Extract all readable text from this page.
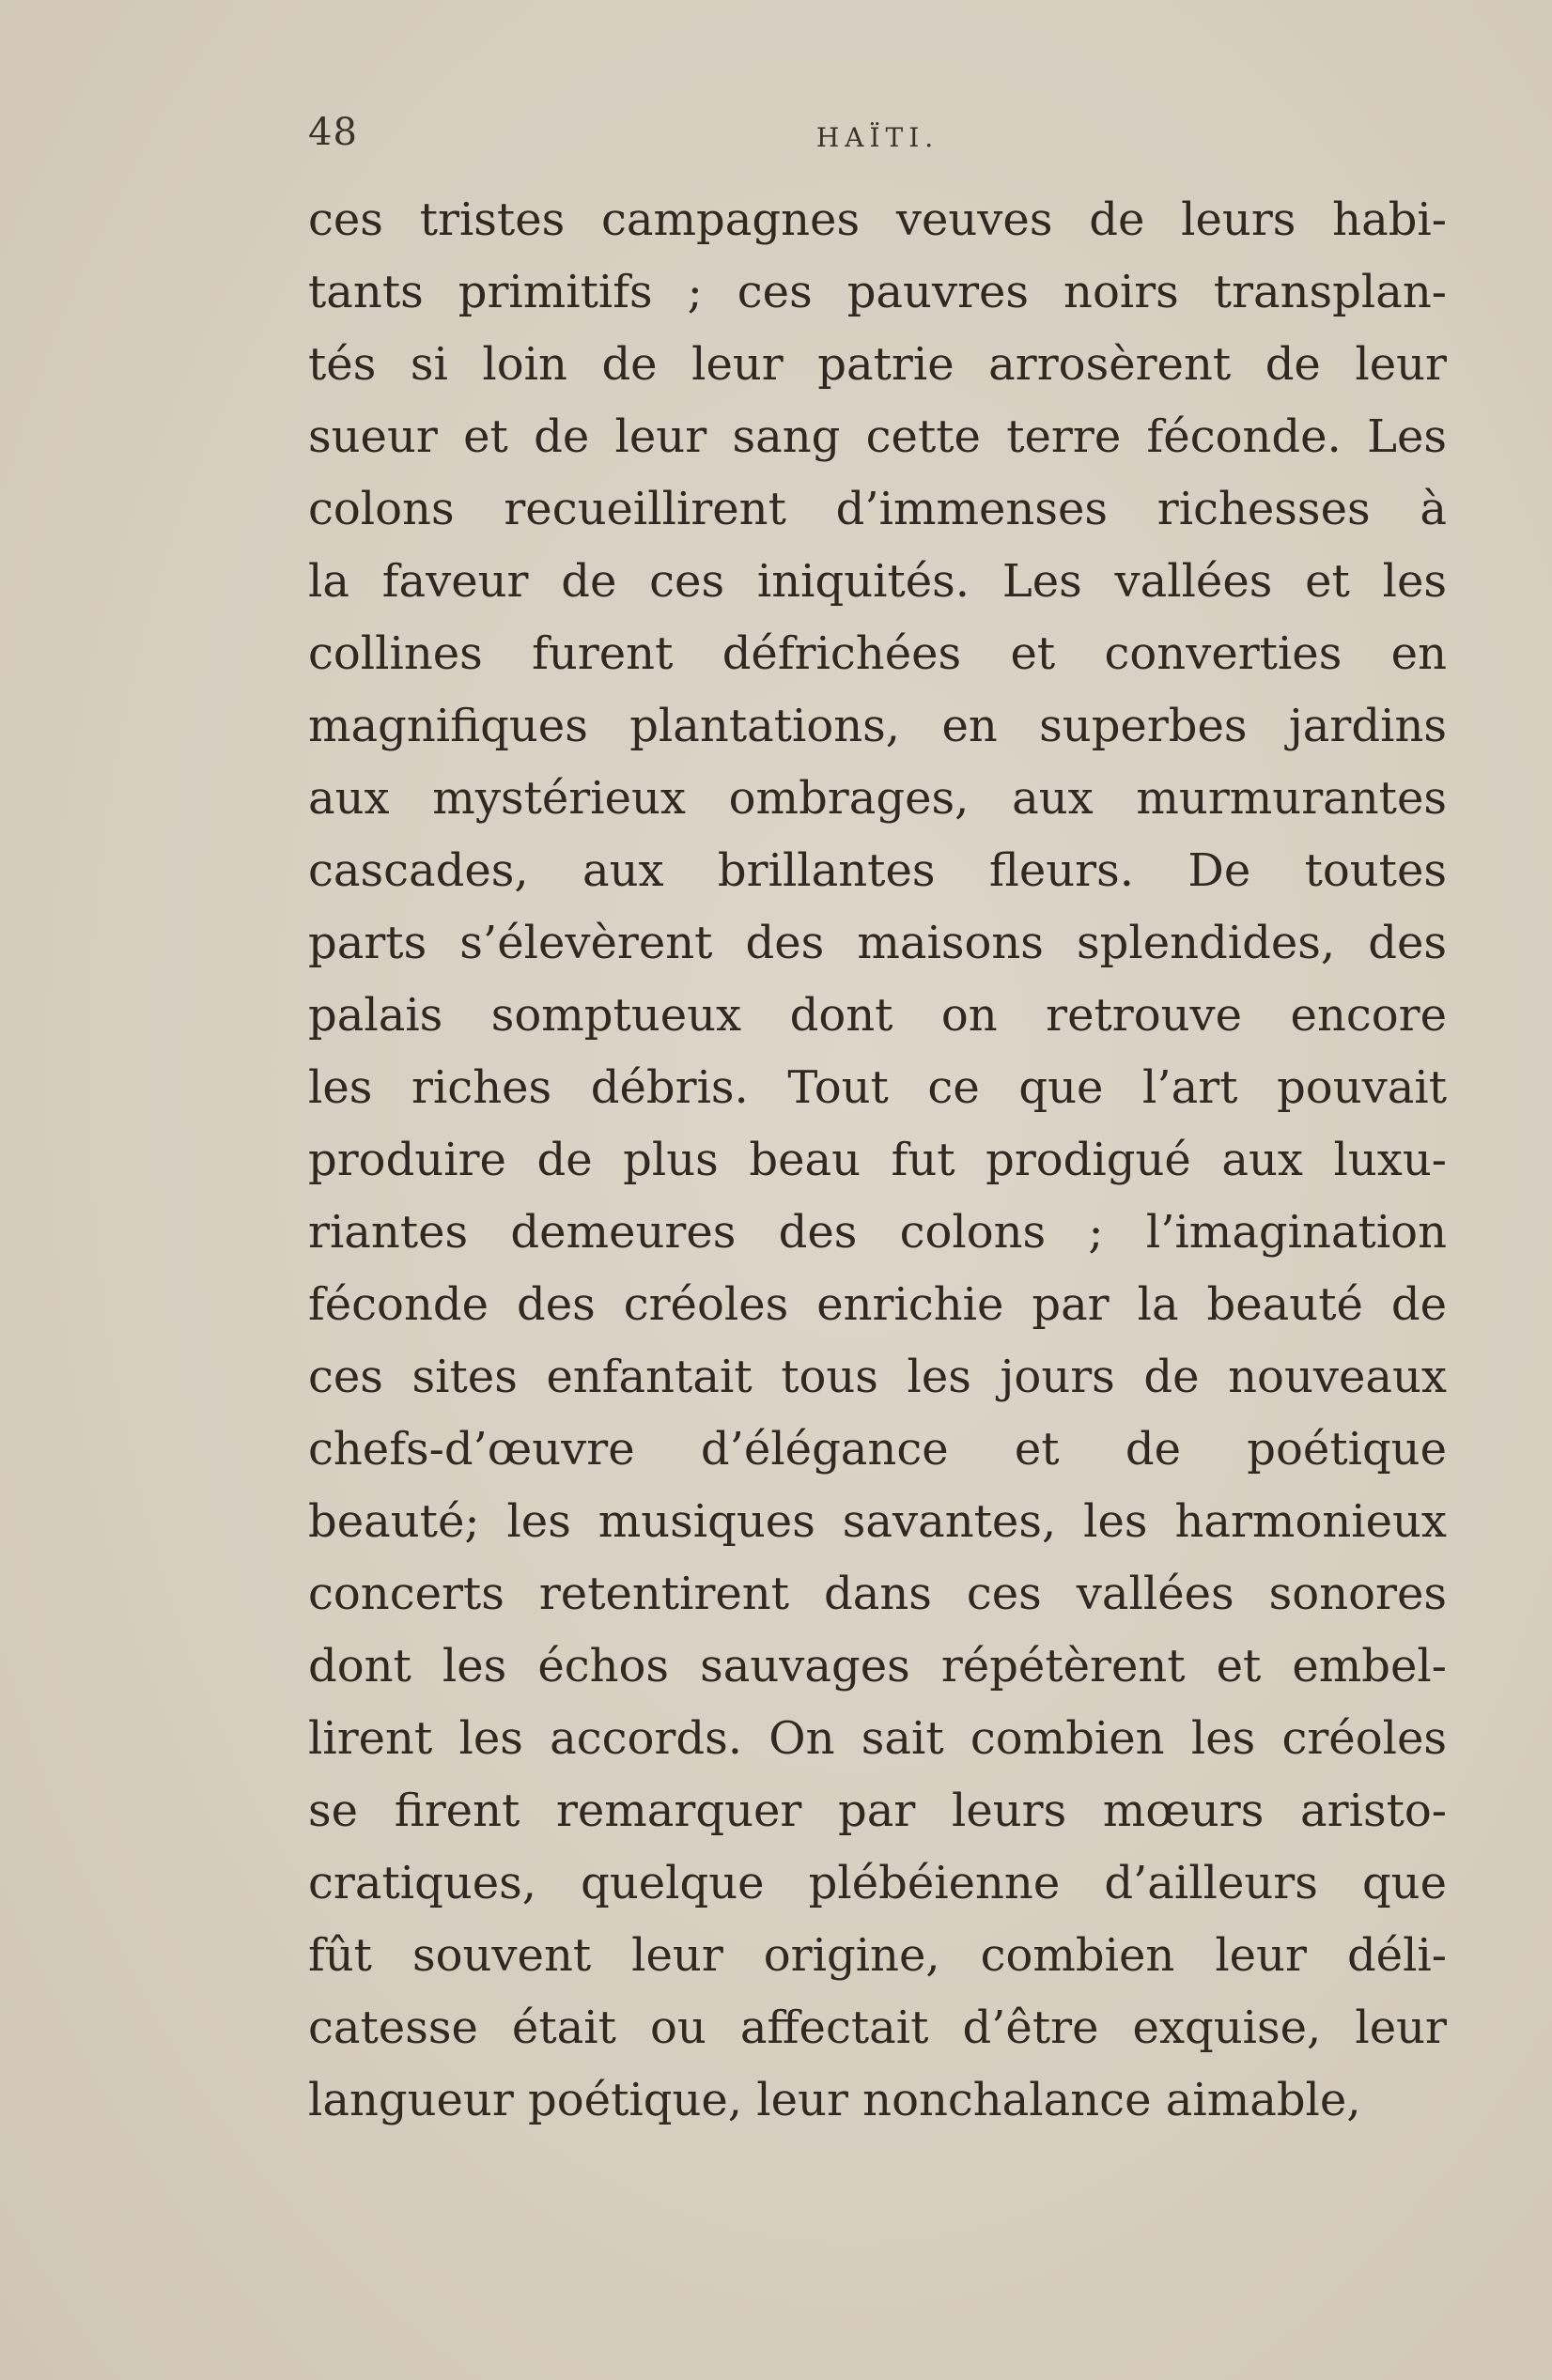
48	HAÏTI.
ces tristes campagnes veuves de leurs habi-
tants primitifs ; ces pauvres noirs transplan-
tés si loin de leur patrie arrosèrent de leur
sueur et de leur sang cette terre féconde. Les
colons recueillirent d’immenses richesses à
la faveur de ces iniquités. Les vallées et les
collines furent défrichées et converties en
magnifiques plantations, en superbes jardins
aux mystérieux ombrages, aux murmurantes
cascades, aux brillantes fleurs. De toutes
parts s’élevèrent des maisons splendides, des
palais somptueux dont on retrouve encore
les riches débris. Tout ce que l’art pouvait
produire de plus beau fut prodigué aux luxu-
riantes demeures des colons ; l’imagination
féconde des créoles enrichie par la beauté de
ces sites enfantait tous les jours de nouveaux
chefs-d’œuvre d’élégance et de poétique
beauté; les musiques savantes, les harmonieux
concerts retentirent dans ces vallées sonores
dont les échos sauvages répétèrent et embel-
lirent les accords. On sait combien les créoles
se firent remarquer par leurs mœurs aristo-
cratiques, quelque plébéienne d’ailleurs que
fût souvent leur origine, combien leur déli-
catesse était ou affectait d’être exquise, leur
langueur poétique, leur nonchalance aimable,
